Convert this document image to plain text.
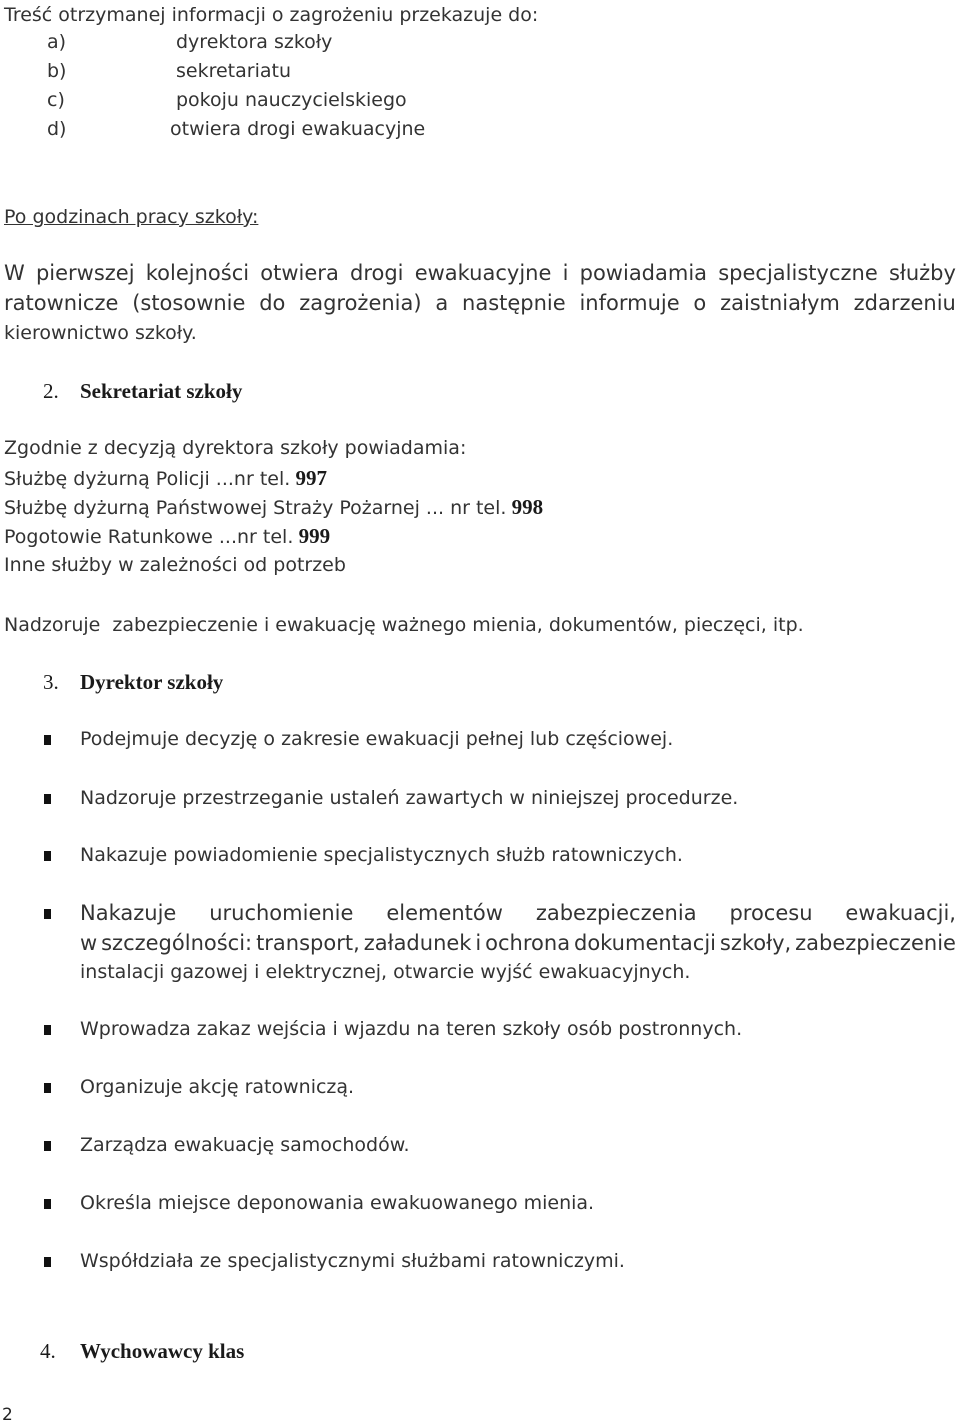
Treść otrzymanej informacji o zagrożeniu przekazuje do:
a)	dyrektora szkoły
b)	sekretariatu
c)	pokoju nauczycielskiego
d)	otwiera drogi ewakuacyjne
Po godzinach pracy szkoły:
W pierwszej kolejności otwiera drogi ewakuacyjne i powiadamia specjalistyczne służby
ratownicze (stosownie do zagrożenia) a następnie informuje o zaistniałym zdarzeniu
kierownictwo szkoły.
2. Sekretariat szkoły
Zgodnie z decyzją dyrektora szkoły powiadamia:
Służbę dyżurną Policji ...nr tel. 997
Służbę dyżurną Państwowej Straży Pożarnej ... nr tel. 998
Pogotowie Ratunkowe ...nr tel. 999
Inne służby w zależności od potrzeb
Nadzoruje  zabezpieczenie i ewakuację ważnego mienia, dokumentów, pieczęci, itp.
3. Dyrektor szkoły
Podejmuje decyzję o zakresie ewakuacji pełnej lub częściowej.
Nadzoruje przestrzeganie ustaleń zawartych w niniejszej procedurze.
Nakazuje powiadomienie specjalistycznych służb ratowniczych.
Nakazuje uruchomienie elementów zabezpieczenia procesu ewakuacji,
w szczególności: transport, załadunek i ochrona dokumentacji szkoły, zabezpieczenie
instalacji gazowej i elektrycznej, otwarcie wyjść ewakuacyjnych.
Wprowadza zakaz wejścia i wjazdu na teren szkoły osób postronnych.
Organizuje akcję ratowniczą.
Zarządza ewakuację samochodów.
Określa miejsce deponowania ewakuowanego mienia.
Współdziała ze specjalistycznymi służbami ratowniczymi.
4. Wychowawcy klas
2
